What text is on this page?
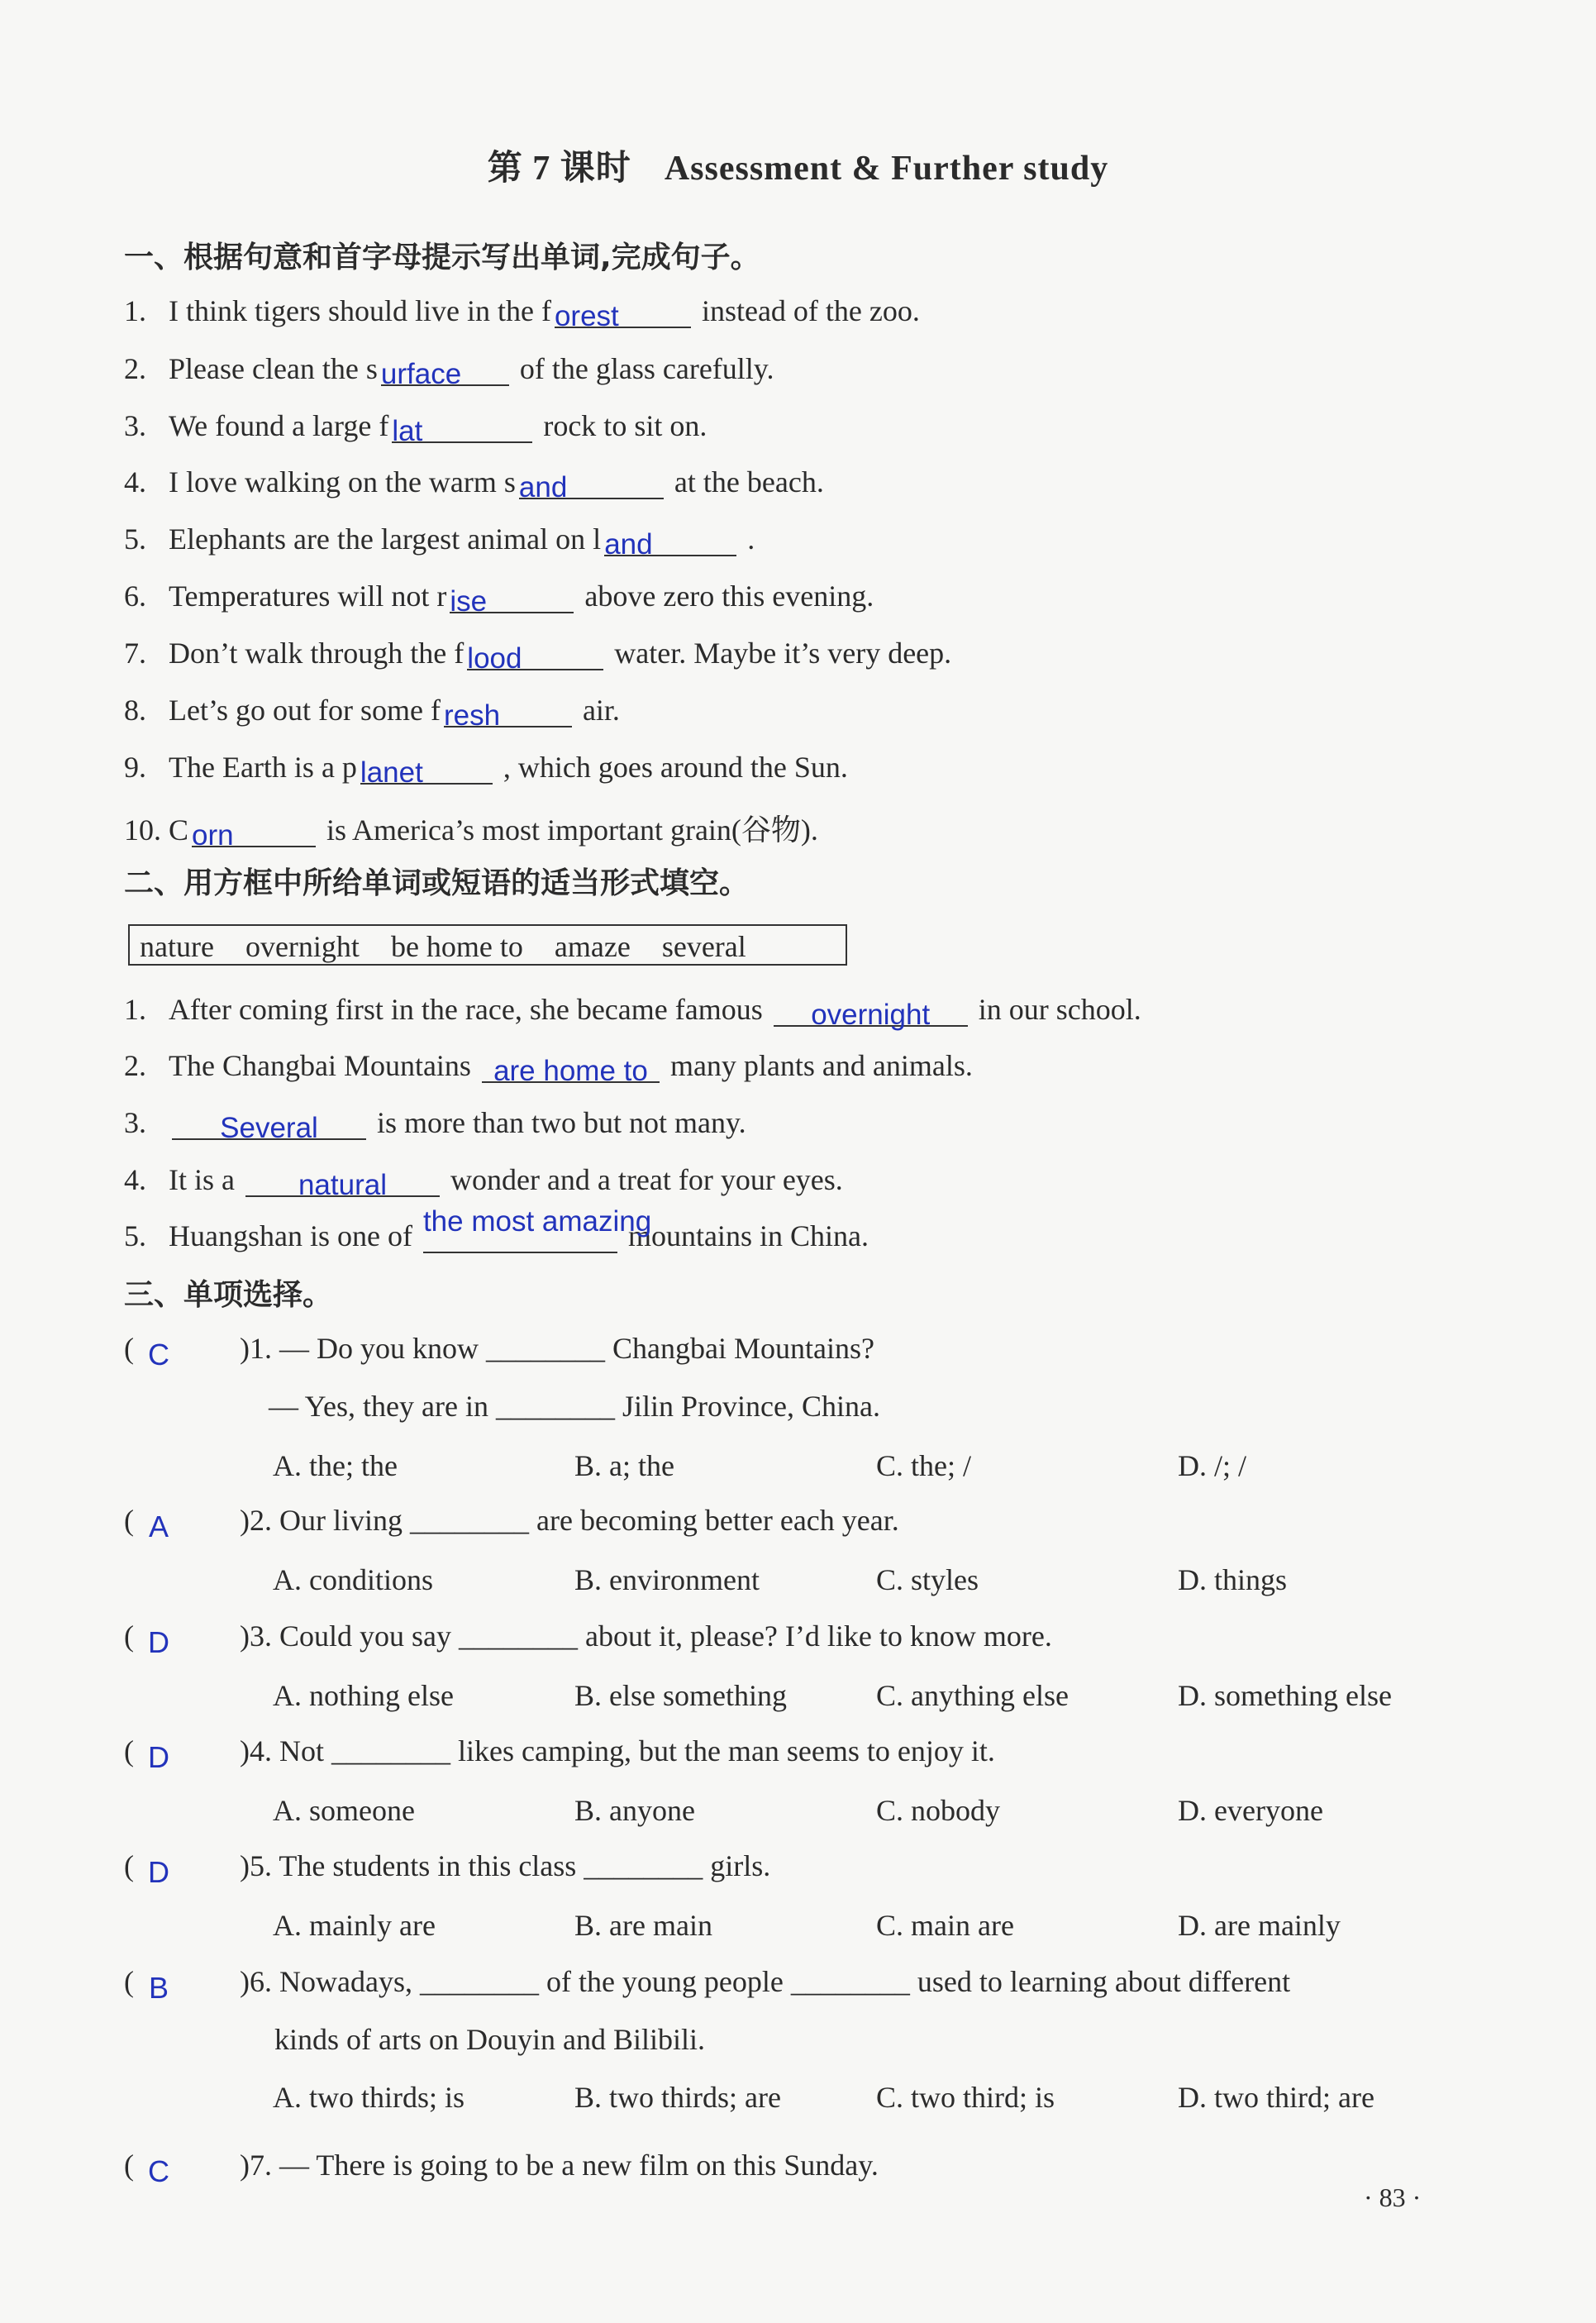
第 7 课时 Assessment & Further study
一、根据句意和首字母提示写出单词,完成句子。
1. I think tigers should live in the f orest	instead of the zoo.
2. Please clean the s urface of the glass carefully.
3. We found a large f lat	rock to sit on.
4. I love walking on the warm s and	at the beach.
5. Elephants are the largest animal on l and	.
6. Temperatures will not r ise	above zero this evening.
7. Don’t walk through the f lood	water. Maybe it’s very deep.
8. Let’s go out for some f resh	air.
9. The Earth is a p lanet , which goes around the Sun.
10. C orn	is America’s most important grain(谷物).
二、用方框中所给单词或短语的适当形式填空。
nature overnight be home to amaze several
1. After coming first in the race, she became famous overnight in our school.
2. The Changbai Mountains are home to many plants and animals.
3.	Several is more than two but not many.
4. It is a natural wonder and a treat for your eyes.
5. Huangshan is one of the most amazing mountains in China.
三、单项选择。
( C )1. — Do you know ________ Changbai Mountains?
— Yes, they are in ________ Jilin Province, China.
A. the; the	B. a; the	C. the; /	D. /; /
( A )2. Our living ________ are becoming better each year.
A. conditions	B. environment	C. styles	D. things
( D )3. Could you say ________ about it, please? I’d like to know more.
A. nothing else	B. else something	C. anything else	D. something else
( D )4. Not ________ likes camping, but the man seems to enjoy it.
A. someone	B. anyone	C. nobody	D. everyone
( D )5. The students in this class ________ girls.
A. mainly are	B. are main	C. main are	D. are mainly
( B )6. Nowadays, ________ of the young people ________ used to learning about different
kinds of arts on Douyin and Bilibili.
A. two thirds; is	B. two thirds; are	C. two third; is	D. two third; are
( C )7. — There is going to be a new film on this Sunday.
· 83 ·
